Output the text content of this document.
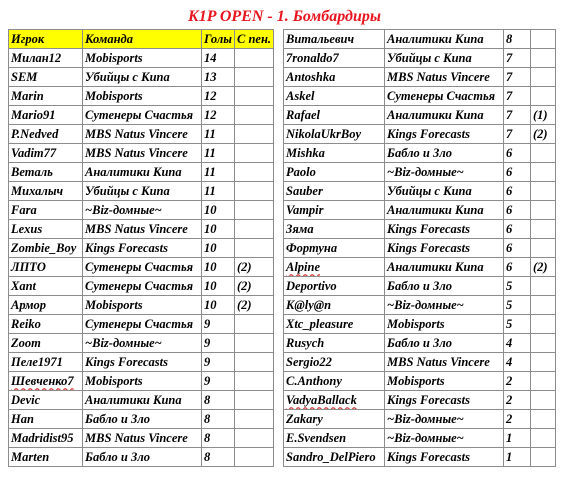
K1P OPEN - 1. Бомбардиры
Игрок	Команда	Голы	С пен.
Милан12	Mobisports	14	
SEM	Убийцы с Кипа	13	
Marin	Mobisports	12	
Mario91	Сутенеры Счастья	12	
P.Nedved	MBS Natus Vincere	11	
Vadim77	MBS Natus Vincere	11	
Веталь	Аналитики Кипа	11	
Михалыч	Убийцы с Кипа	11	
Fara	~Biz-домные~	10	
Lexus	MBS Natus Vincere	10	
Zombie_Boy	Kings Forecasts	10	
ЛПТО	Сутенеры Счастья	10	(2)
Xant	Сутенеры Счастья	10	(2)
Армор	Mobisports	10	(2)
Reiko	Сутенеры Счастья	9	
Zoom	~Biz-домные~	9	
Пеле1971	Kings Forecasts	9	
Шевченко7	Mobisports	9	
Devic	Аналитики Кипа	8	
Han	Бабло и Зло	8	
Madridist95	MBS Natus Vincere	8	
Marten	Бабло и Зло	8	
Витальевич	Аналитики Кипа	8	
7ronaldo7	Убийцы с Кипа	7	
Antoshka	MBS Natus Vincere	7	
Askel	Сутенеры Счастья	7	
Rafael	Аналитики Кипа	7	(1)
NikolaUkrBoy	Kings Forecasts	7	(2)
Mishka	Бабло и Зло	6	
Paolo	~Biz-домные~	6	
Sauber	Убийцы с Кипа	6	
Vampir	Аналитики Кипа	6	
Зяма	Kings Forecasts	6	
Фортуна	Kings Forecasts	6	
Alpine	Аналитики Кипа	6	(2)
Deportivo	Бабло и Зло	5	
K@ly@n	~Biz-домные~	5	
Xtc_pleasure	Mobisports	5	
Rusych	Бабло и Зло	4	
Sergio22	MBS Natus Vincere	4	
C.Anthony	Mobisports	2	
VadyaBallack	Kings Forecasts	2	
Zakary	~Biz-домные~	2	
E.Svendsen	~Biz-домные~	1	
Sandro_DelPiero	Kings Forecasts	1	
